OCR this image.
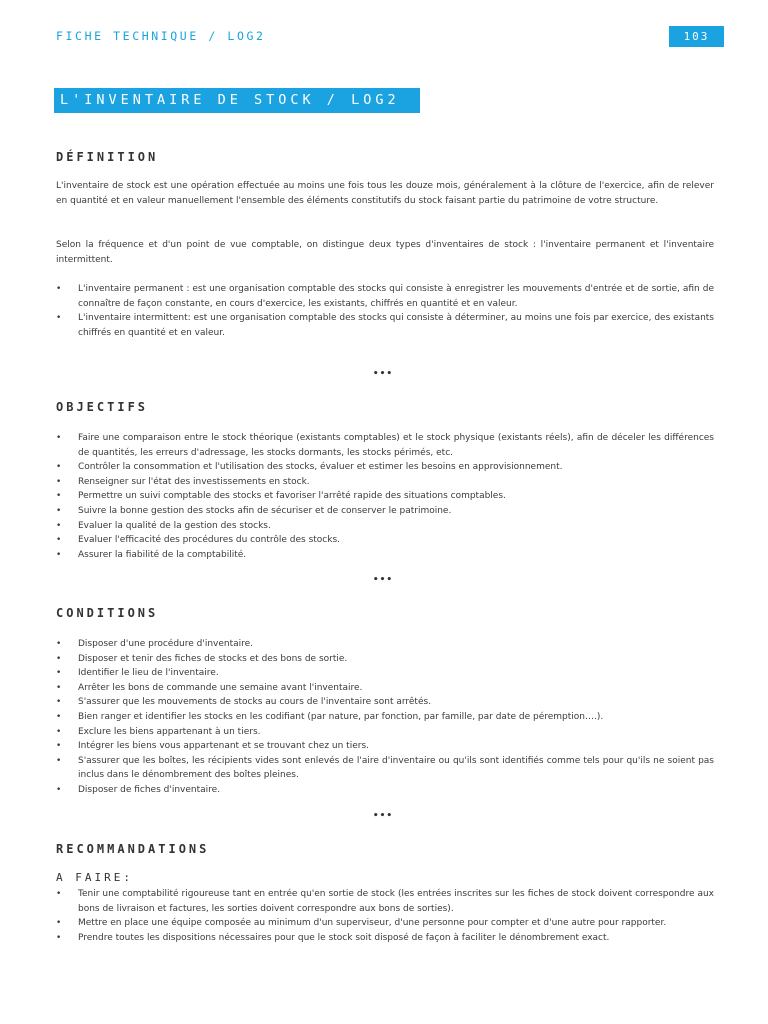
FICHE TECHNIQUE / LOG2	103
L'INVENTAIRE DE STOCK / LOG2
DÉFINITION

L'inventaire de stock est une opération effectuée au moins une fois tous les douze mois, généralement à la clôture de l'exercice, afin de relever en quantité et en valeur manuellement l'ensemble des éléments constitutifs du stock faisant partie du patrimoine de votre structure.

Selon la fréquence et d'un point de vue comptable, on distingue deux types d'inventaires de stock : l'inventaire permanent et l'inventaire intermittent.

• L'inventaire permanent : est une organisation comptable des stocks qui consiste à enregistrer les mouvements d'entrée et de sortie, afin de connaître de façon constante, en cours d'exercice, les existants, chiffrés en quantité et en valeur.
• L'inventaire intermittent: est une organisation comptable des stocks qui consiste à déterminer, au moins une fois par exercice, des existants chiffrés en quantité et en valeur.
•••
OBJECTIFS
• Faire une comparaison entre le stock théorique (existants comptables) et le stock physique (existants réels), afin de déceler les différences de quantités, les erreurs d'adressage, les stocks dormants, les stocks périmés, etc.
• Contrôler la consommation et l'utilisation des stocks, évaluer et estimer les besoins en approvisionnement.
• Renseigner sur l'état des investissements en stock.
• Permettre un suivi comptable des stocks et favoriser l'arrêté rapide des situations comptables.
• Suivre la bonne gestion des stocks afin de sécuriser et de conserver le patrimoine.
• Evaluer la qualité de la gestion des stocks.
• Evaluer l'efficacité des procédures du contrôle des stocks.
• Assurer la fiabilité de la comptabilité.
•••
CONDITIONS
• Disposer d'une procédure d'inventaire.
• Disposer et tenir des fiches de stocks et des bons de sortie.
• Identifier le lieu de l'inventaire.
• Arrêter les bons de commande une semaine avant l'inventaire.
• S'assurer que les mouvements de stocks au cours de l'inventaire sont arrêtés.
• Bien ranger et identifier les stocks en les codifiant (par nature, par fonction, par famille, par date de péremption….).
• Exclure les biens appartenant à un tiers.
• Intégrer les biens vous appartenant et se trouvant chez un tiers.
• S'assurer que les boîtes, les récipients vides sont enlevés de l'aire d'inventaire ou qu'ils sont identifiés comme tels pour qu'ils ne soient pas inclus dans le dénombrement des boîtes pleines.
• Disposer de fiches d'inventaire.
•••
RECOMMANDATIONS
A FAIRE:
• Tenir une comptabilité rigoureuse tant en entrée qu'en sortie de stock (les entrées inscrites sur les fiches de stock doivent correspondre aux bons de livraison et factures, les sorties doivent correspondre aux bons de sorties).
• Mettre en place une équipe composée au minimum d'un superviseur, d'une personne pour compter et d'une autre pour rapporter.
• Prendre toutes les dispositions nécessaires pour que le stock soit disposé de façon à faciliter le dénombrement exact.
